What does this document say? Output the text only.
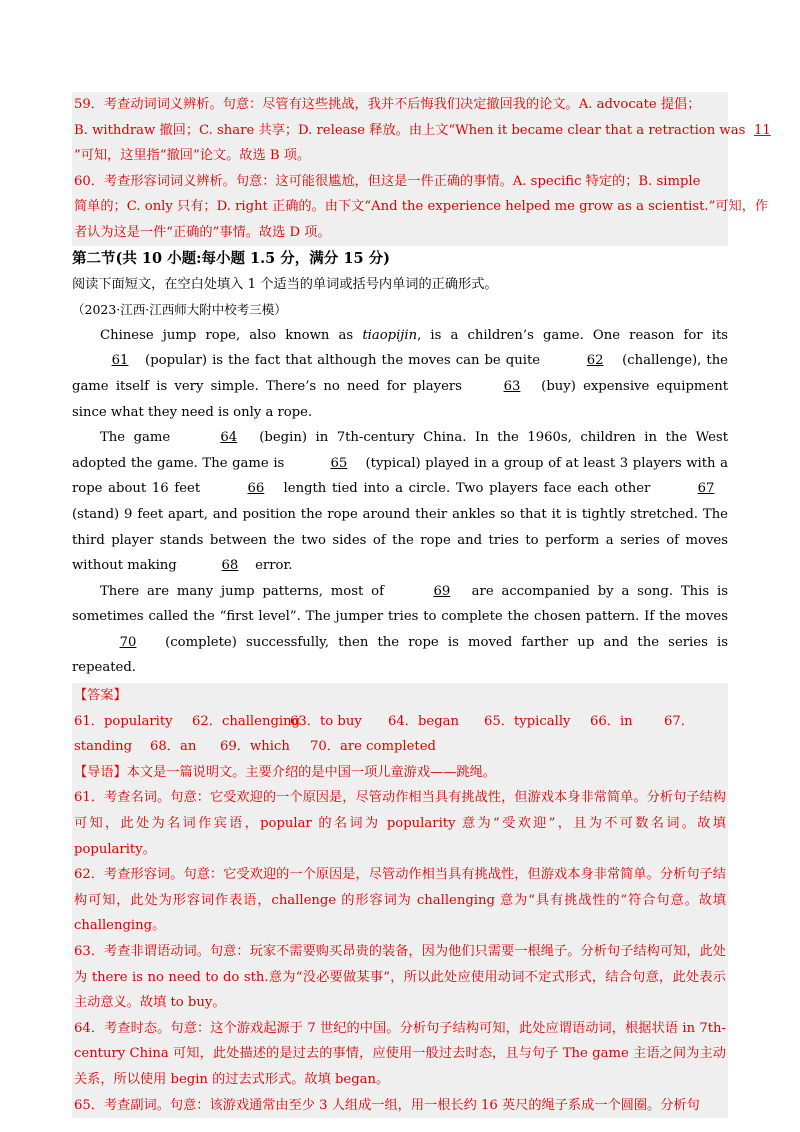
59．考查动词词义辨析。句意：尽管有这些挑战，我并不后悔我们决定撤回我的论文。A. advocate 提倡；
B. withdraw 撤回；C. share 共享；D. release 释放。由上文“When it became clear that a retraction was 11
”可知，这里指“撤回”论文。故选 B 项。
60．考查形容词词义辨析。句意：这可能很尴尬，但这是一件正确的事情。A. specific 特定的；B. simple
简单的；C. only 只有；D. right 正确的。由下文“And the experience helped me grow as a scientist.”可知，作
者认为这是一件“正确的”事情。故选 D 项。
第二节(共 10 小题:每小题 1.5 分，满分 15 分)
阅读下面短文，在空白处填入 1 个适当的单词或括号内单词的正确形式。
（2023·江西·江西师大附中校考三模）
Chinese jump rope, also known as tiaopijin, is a children’s game. One reason for its 61 (popular) is the fact that although the moves can be quite	62 (challenge), the game itself is very simple. There’s no need for players	63 (buy) expensive equipment since what they need is only a rope.
The game	64 (begin) in 7th-century China. In the 1960s, children in the West adopted the game. The game is	65 (typical) played in a group of at least 3 players with a rope about 16 feet	66 length tied into a circle. Two players face each other	67 (stand) 9 feet apart, and position the rope around their ankles so that it is tightly stretched. The third player stands between the two sides of the rope and tries to perform a series of moves without making	68 error.
There are many jump patterns, most of	69 are accompanied by a song. This is sometimes called the “first level”. The jumper tries to complete the chosen pattern. If the moves 70 (complete) successfully, then the rope is moved farther up and the series is repeated.
【答案】
61．popularity 62．challenging63．to buy 64．began 65．typically 66．in 67．
standing 68．an 69．which 70．are completed
【导语】本文是一篇说明文。主要介绍的是中国一项儿童游戏——跳绳。
61．考查名词。句意：它受欢迎的一个原因是，尽管动作相当具有挑战性，但游戏本身非常简单。分析句子结构可知，此处为名词作宾语，popular 的名词为 popularity 意为“受欢迎”，且为不可数名词。故填 popularity。
62．考查形容词。句意：它受欢迎的一个原因是，尽管动作相当具有挑战性，但游戏本身非常简单。分析句子结构可知，此处为形容词作表语，challenge 的形容词为 challenging 意为“具有挑战性的”符合句意。故填 challenging。
63．考查非谓语动词。句意：玩家不需要购买昂贵的装备，因为他们只需要一根绳子。分析句子结构可知，此处为 there is no need to do sth.意为“没必要做某事”，所以此处应使用动词不定式形式，结合句意，此处表示主动意义。故填 to buy。
64．考查时态。句意：这个游戏起源于 7 世纪的中国。分析句子结构可知，此处应谓语动词，根据状语 in 7th-century China 可知，此处描述的是过去的事情，应使用一般过去时态，且与句子 The game 主语之间为主动关系，所以使用 begin 的过去式形式。故填 began。
65．考查副词。句意：该游戏通常由至少 3 人组成一组，用一根长约 16 英尺的绳子系成一个圆圈。分析句
